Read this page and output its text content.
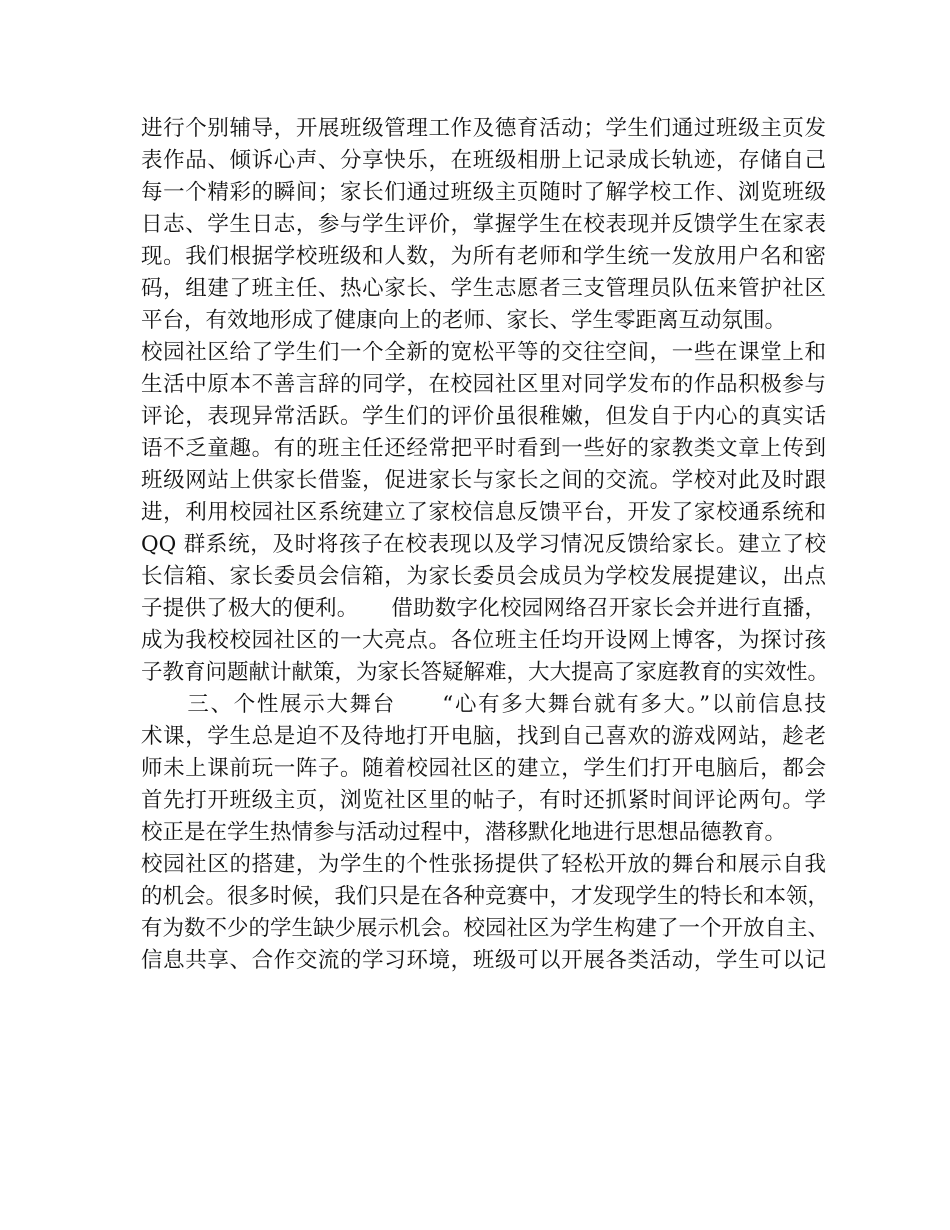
进行个别辅导，开展班级管理工作及德育活动；学生们通过班级主页发
表作品、倾诉心声、分享快乐，在班级相册上记录成长轨迹，存储自己
每一个精彩的瞬间；家长们通过班级主页随时了解学校工作、浏览班级
日志、学生日志，参与学生评价，掌握学生在校表现并反馈学生在家表
现。我们根据学校班级和人数，为所有老师和学生统一发放用户名和密
码，组建了班主任、热心家长、学生志愿者三支管理员队伍来管护社区
平台，有效地形成了健康向上的老师、家长、学生零距离互动氛围。
校园社区给了学生们一个全新的宽松平等的交往空间，一些在课堂上和
生活中原本不善言辞的同学，在校园社区里对同学发布的作品积极参与
评论，表现异常活跃。学生们的评价虽很稚嫩，但发自于内心的真实话
语不乏童趣。有的班主任还经常把平时看到一些好的家教类文章上传到
班级网站上供家长借鉴，促进家长与家长之间的交流。学校对此及时跟
进，利用校园社区系统建立了家校信息反馈平台，开发了家校通系统和
QQ 群系统，及时将孩子在校表现以及学习情况反馈给家长。建立了校
长信箱、家长委员会信箱，为家长委员会成员为学校发展提建议，出点
子提供了极大的便利。　　借助数字化校园网络召开家长会并进行直播，
成为我校校园社区的一大亮点。各位班主任均开设网上博客，为探讨孩
子教育问题献计献策，为家长答疑解难，大大提高了家庭教育的实效性。
　　三、个性展示大舞台　　“心有多大舞台就有多大。”以前信息技
术课，学生总是迫不及待地打开电脑，找到自己喜欢的游戏网站，趁老
师未上课前玩一阵子。随着校园社区的建立，学生们打开电脑后，都会
首先打开班级主页，浏览社区里的帖子，有时还抓紧时间评论两句。学
校正是在学生热情参与活动过程中，潜移默化地进行思想品德教育。
校园社区的搭建，为学生的个性张扬提供了轻松开放的舞台和展示自我
的机会。很多时候，我们只是在各种竞赛中，才发现学生的特长和本领，
有为数不少的学生缺少展示机会。校园社区为学生构建了一个开放自主、
信息共享、合作交流的学习环境，班级可以开展各类活动，学生可以记
